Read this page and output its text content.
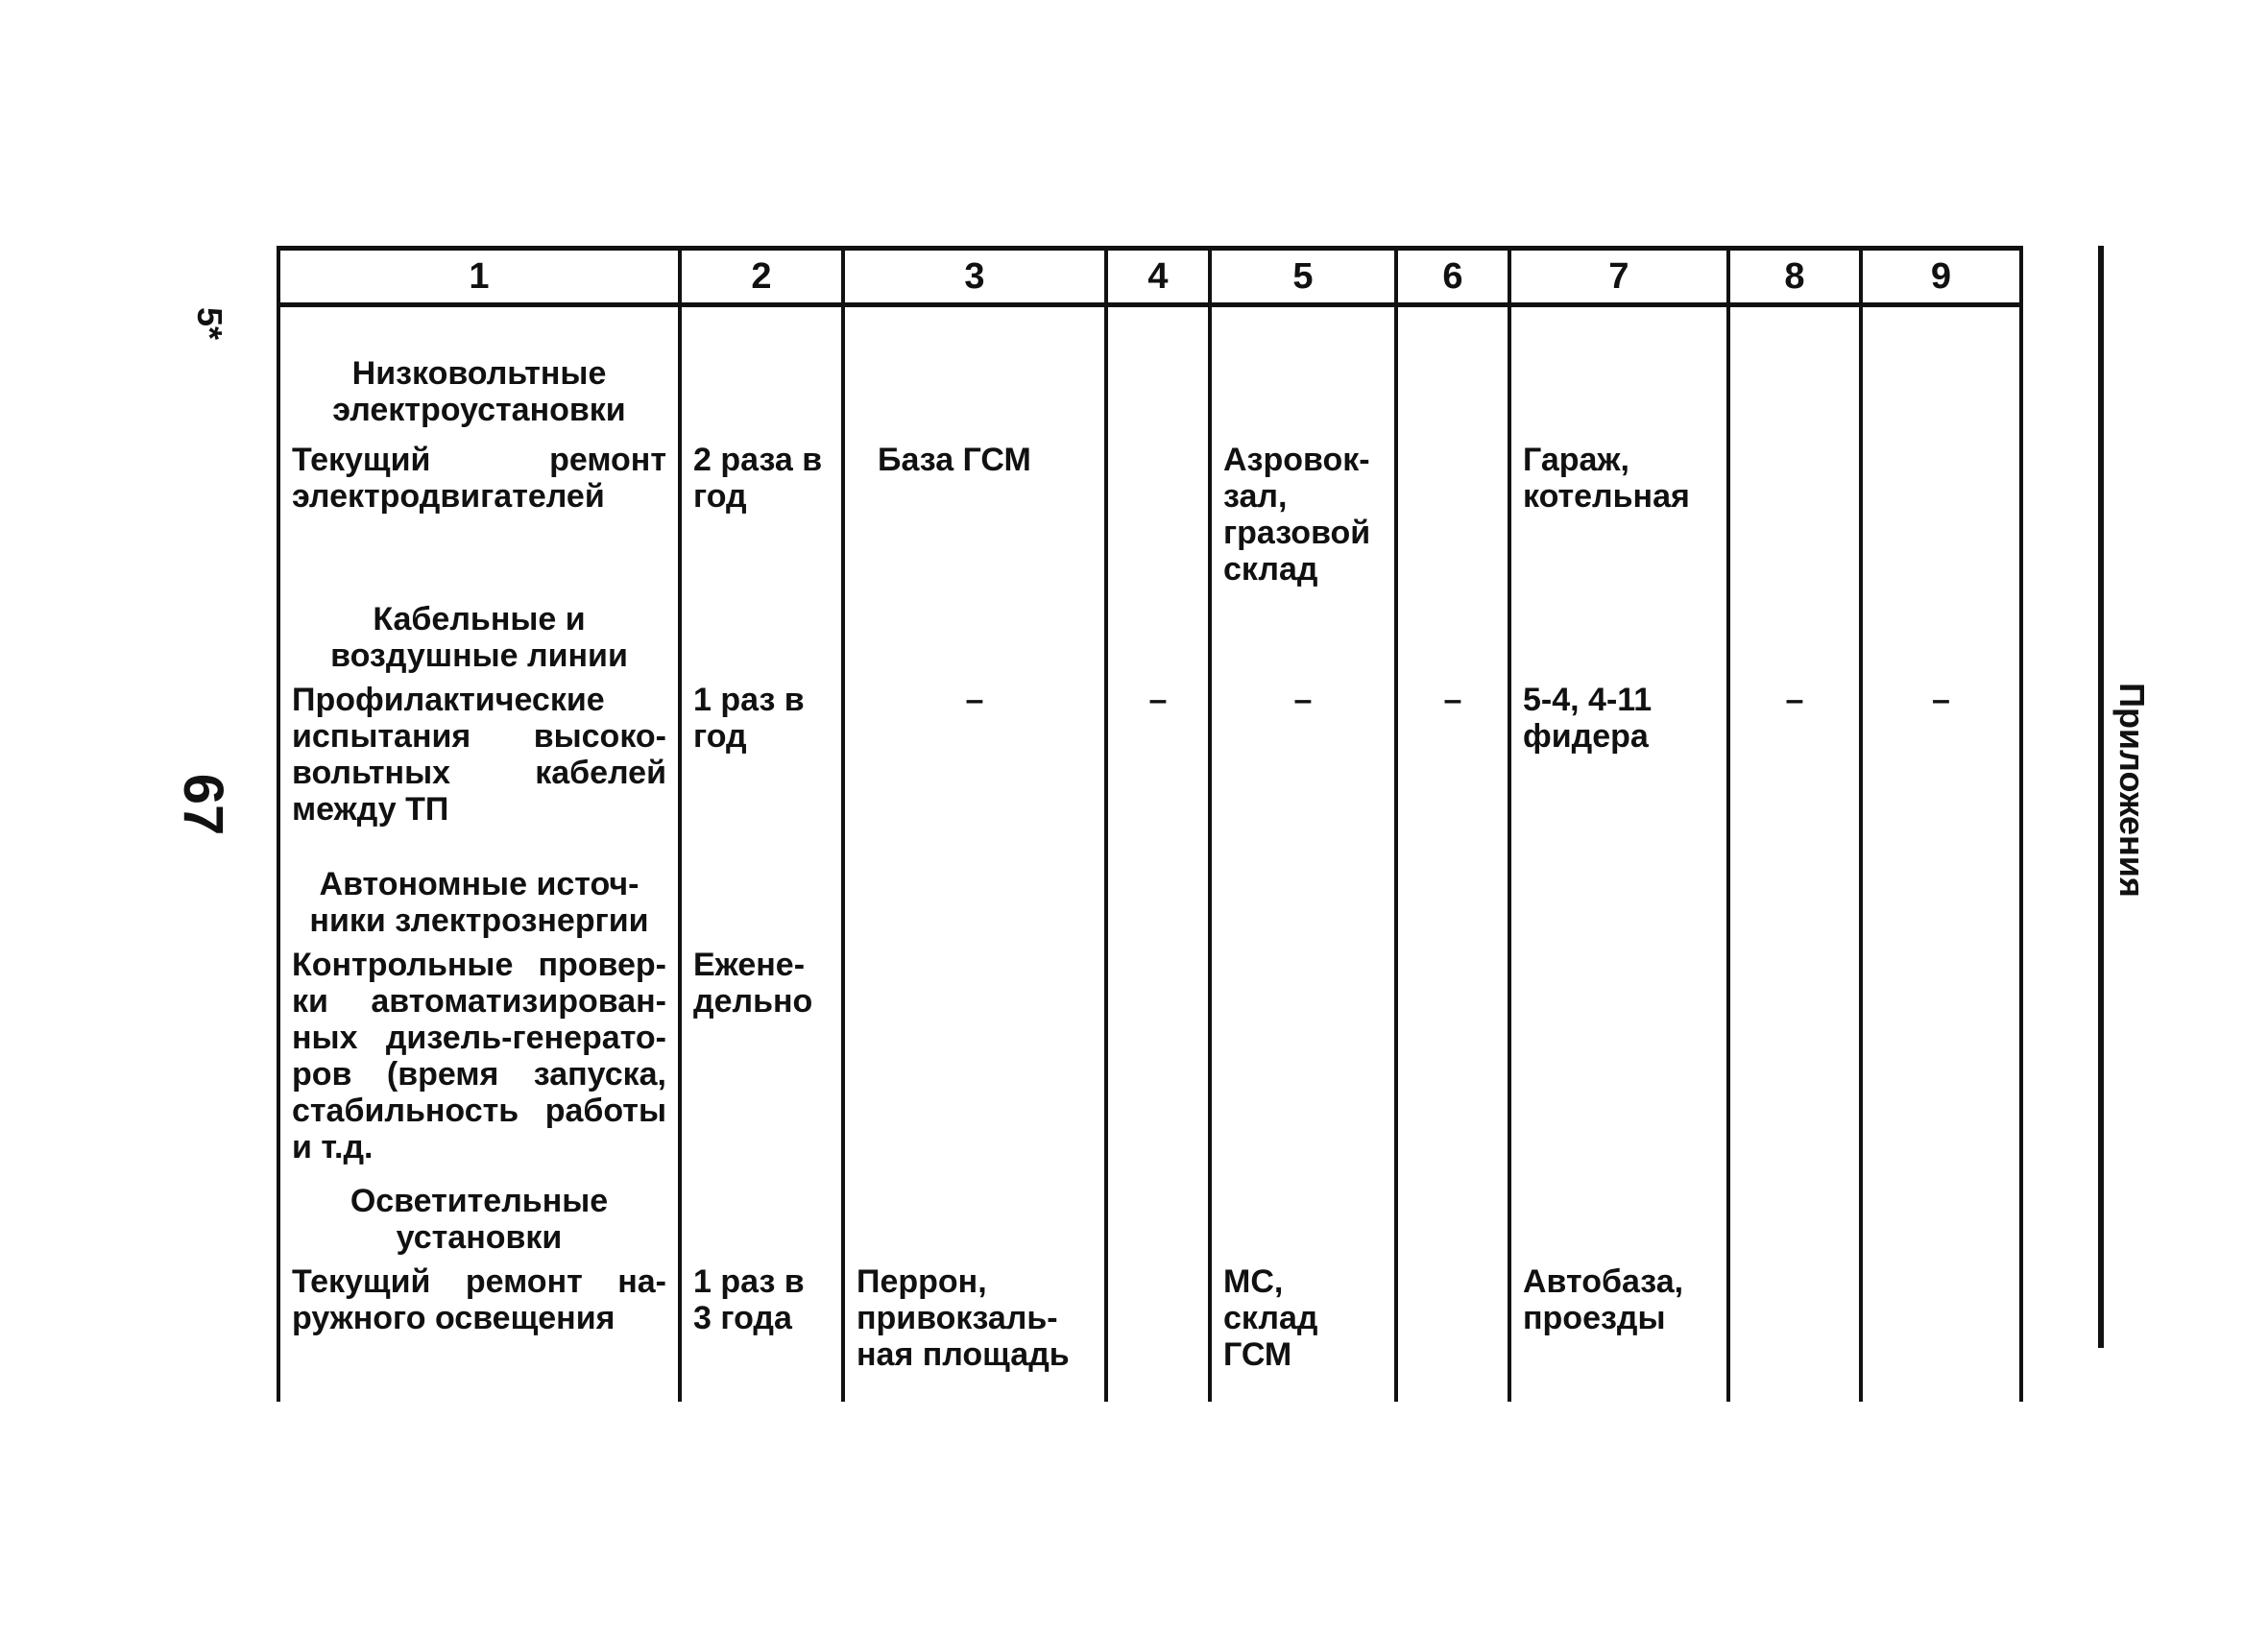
5*
67	Приложения
1	2	3	4	5	6	7	8	9
Низковольтные электроустановки								
Текущий ремонт электродвигателей	2 раза в год	База ГСМ		Азровок-зал, гразовой склад		Гараж, котельная		
Кабельные и воздушные линии								
Профилактические испытания высоко-вольтных кабелей между ТП	1 раз в год	–	–	–	–	5-4, 4-11 фидера	–	–
Автономные источ-ники злектрознергии								
Контрольные провер-ки автоматизирован-ных дизель-генерато-ров (время запуска, стабильность работы и т.д.	Ежене-дельно							
Осветительные установки								
Текущий ремонт на-ружного освещения	1 раз в 3 года	Перрон, привокзаль-ная площадь		МС, склад ГСМ		Автобаза, проезды		
